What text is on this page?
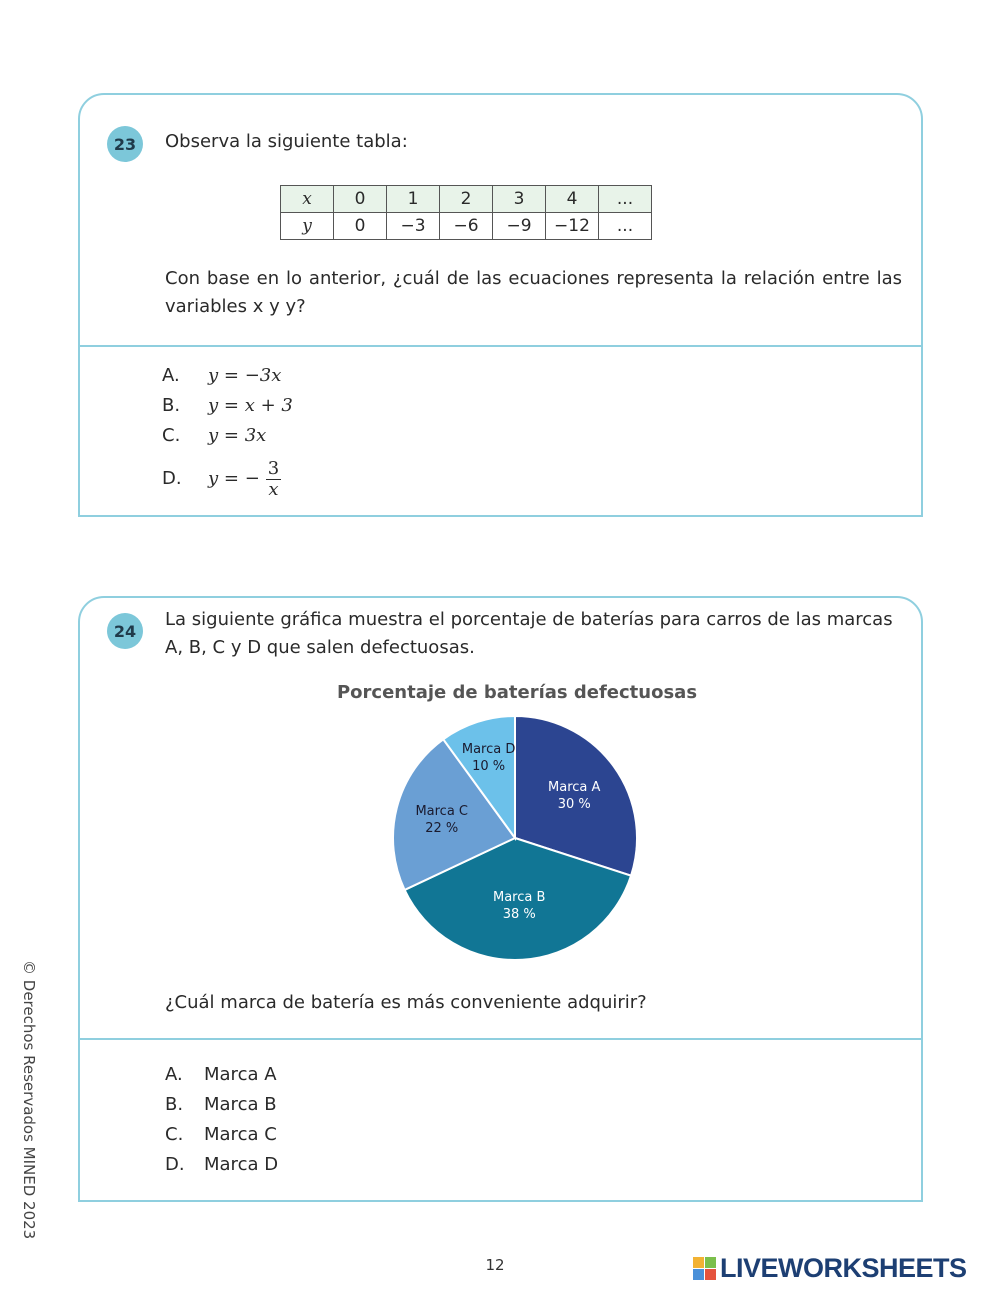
23	Observa la siguiente tabla:
x	0	1	2	3	4	...
y	0	−3	−6	−9	−12	...
Con base en lo anterior, ¿cuál de las ecuaciones representa la relación entre las variables x y y?
A. y = −3x
B. y = x + 3
C. y = 3x
D. y = − $\frac{3}{x}$
24
La siguiente gráfica muestra el porcentaje de baterías para carros de las marcas A, B, C y D que salen defectuosas.
Porcentaje de baterías defectuosas
Marca A
30 %
Marca B
38 %
Marca C
22 %
Marca D
10 %
¿Cuál marca de batería es más conveniente adquirir?
A. Marca A
B. Marca B
C. Marca C
D. Marca D
© Derechos Reservados MINED 2023
12	LIVEWORKSHEETS
